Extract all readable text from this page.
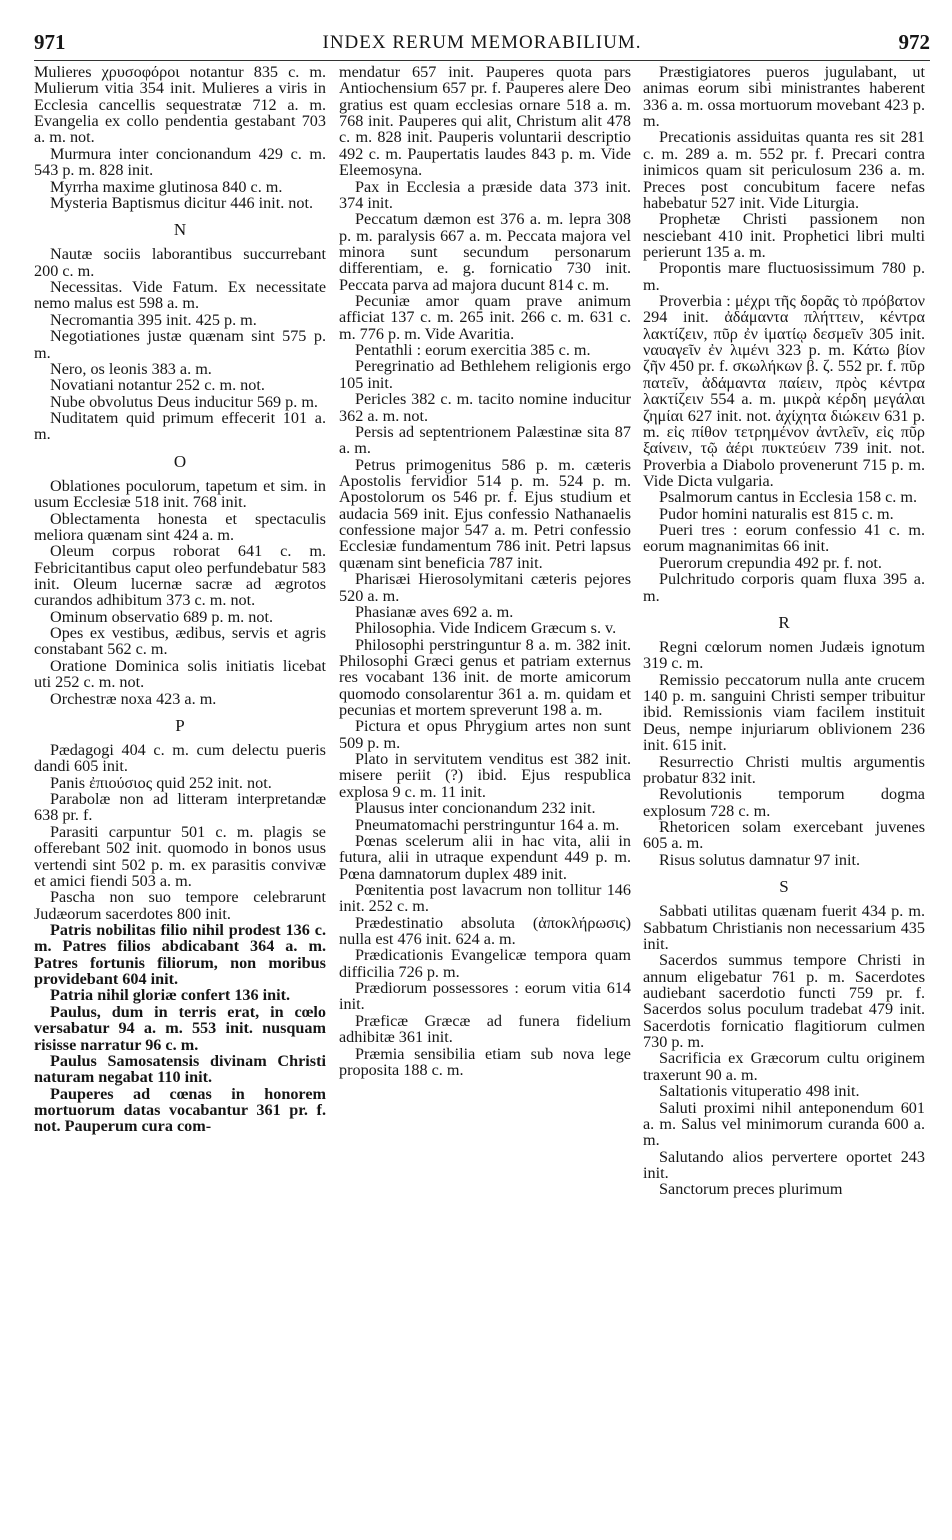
971	INDEX RERUM MEMORABILIUM.	972

Mulieres χρυσοφόροι notantur 835 c. m. Mulierum vitia 354 init. Mulieres a viris in Ecclesia cancellis sequestratæ 712 a. m. Evangelia ex collo pendentia gestabant 703 a. m. not.

Murmura inter concionandum 429 c. m. 543 p. m. 828 init.

Myrrha maxime glutinosa 840 c. m.

Mysteria Baptismus dicitur 446 init. not.

N

Nautæ sociis laborantibus succurrebant 200 c. m.

Necessitas. Vide Fatum. Ex necessitate nemo malus est 598 a. m.

Necromantia 395 init. 425 p. m.

Negotiationes justæ quænam sint 575 p. m.

Nero, os leonis 383 a. m.

Novatiani notantur 252 c. m. not.

Nube obvolutus Deus inducitur 569 p. m.

Nuditatem quid primum effecerit 101 a. m.

O

Oblationes poculorum, tapetum et sim. in usum Ecclesiæ 518 init. 768 init.

Oblectamenta honesta et spectaculis meliora quænam sint 424 a. m.

Oleum corpus roborat 641 c. m. Febricitantibus caput oleo perfundebatur 583 init. Oleum lucernæ sacræ ad ægrotos curandos adhibitum 373 c. m. not.

Ominum observatio 689 p. m. not.

Opes ex vestibus, ædibus, servis et agris constabant 562 c. m.

Oratione Dominica solis initiatis licebat uti 252 c. m. not.

Orchestræ noxa 423 a. m.

P

Pædagogi 404 c. m. cum delectu pueris dandi 605 init.

Panis ἐπιούσιος quid 252 init. not.

Parabolæ non ad litteram interpretandæ 638 pr. f.

Parasiti carpuntur 501 c. m. plagis se offerebant 502 init. quomodo in bonos usus vertendi sint 502 p. m. ex parasitis convivæ et amici fiendi 503 a. m.

Pascha non suo tempore celebrarunt Judæorum sacerdotes 800 init.

Patris nobilitas filio nihil prodest 136 c. m. Patres filios abdicabant 364 a. m. Patres fortunis filiorum, non moribus providebant 604 init.

Patria nihil gloriæ confert 136 init.

Paulus, dum in terris erat, in cœlo versabatur 94 a. m. 553 init. nusquam risisse narratur 96 c. m.

Paulus Samosatensis divinam Christi naturam negabat 110 init.

Pauperes ad cœnas in honorem mortuorum datas vocabantur 361 pr. f. not. Pauperum cura com-

mendatur 657 init. Pauperes quota pars Antiochensium 657 pr. f. Pauperes alere Deo gratius est quam ecclesias ornare 518 a. m. 768 init. Pauperes qui alit, Christum alit 478 c. m. 828 init. Pauperis voluntarii descriptio 492 c. m. Paupertatis laudes 843 p. m. Vide Eleemosyna.

Pax in Ecclesia a præside data 373 init. 374 init.

Peccatum dæmon est 376 a. m. lepra 308 p. m. paralysis 667 a. m. Peccata majora vel minora sunt secundum personarum differentiam, e. g. fornicatio 730 init. Peccata parva ad majora ducunt 814 c. m.

Pecuniæ amor quam prave animum afficiat 137 c. m. 265 init. 266 c. m. 631 c. m. 776 p. m. Vide Avaritia.

Pentathli : eorum exercitia 385 c. m.

Peregrinatio ad Bethlehem religionis ergo 105 init.

Pericles 382 c. m. tacito nomine inducitur 362 a. m. not.

Persis ad septentrionem Palæstinæ sita 87 a. m.

Petrus primogenitus 586 p. m. cæteris Apostolis fervidior 514 p. m. 524 p. m. Apostolorum os 546 pr. f. Ejus studium et audacia 569 init. Ejus confessio Nathanaelis confessione major 547 a. m. Petri confessio Ecclesiæ fundamentum 786 init. Petri lapsus quænam sint beneficia 787 init.

Pharisæi Hierosolymitani cæteris pejores 520 a. m.

Phasianæ aves 692 a. m.

Philosophia. Vide Indicem Græcum s. v.

Philosophi perstringuntur 8 a. m. 382 init. Philosophi Græci genus et patriam externus res vocabant 136 init. de morte amicorum quomodo consolarentur 361 a. m. quidam et pecunias et mortem spreverunt 198 a. m.

Pictura et opus Phrygium artes non sunt 509 p. m.

Plato in servitutem venditus est 382 init. misere periit (?) ibid. Ejus respublica explosa 9 c. m. 11 init.

Plausus inter concionandum 232 init.

Pneumatomachi perstringuntur 164 a. m.

Pœnas scelerum alii in hac vita, alii in futura, alii in utraque expendunt 449 p. m. Pœna damnatorum duplex 489 init.

Pœnitentia post lavacrum non tollitur 146 init. 252 c. m.

Prædestinatio absoluta (ἀποκλήρωσις) nulla est 476 init. 624 a. m.

Prædicationis Evangelicæ tempora quam difficilia 726 p. m.

Prædiorum possessores : eorum vitia 614 init.

Præficæ Græcæ ad funera fidelium adhibitæ 361 init.

Præmia sensibilia etiam sub nova lege proposita 188 c. m.

Præstigiatores pueros jugulabant, ut animas eorum sibi ministrantes haberent 336 a. m. ossa mortuorum movebant 423 p. m.

Precationis assiduitas quanta res sit 281 c. m. 289 a. m. 552 pr. f. Precari contra inimicos quam sit periculosum 236 a. m. Preces post concubitum facere nefas habebatur 527 init. Vide Liturgia.

Prophetæ Christi passionem non nesciebant 410 init. Prophetici libri multi perierunt 135 a. m.

Propontis mare fluctuosissimum 780 p. m.

Proverbia : μέχρι τῆς δορᾶς τὸ πρόβατον 294 init. ἀδάμαντα πλήττειν, κέντρα λακτίζειν, πῦρ ἐν ἱματίῳ δεσμεῖν 305 init. ναυαγεῖν ἐν λιμένι 323 p. m. Κάτω βίον ζῆν 450 pr. f. σκωλήκων β. ζ. 552 pr. f. πῦρ πατεῖν, ἀδάμαντα παίειν, πρὸς κέντρα λακτίζειν 554 a. m. μικρὰ κέρδη μεγάλαι ζημίαι 627 init. not. ἀχίχητα διώκειν 631 p. m. εἰς πίθον τετρημένον ἀντλεῖν, εἰς πῦρ ξαίνειν, τῷ ἀέρι πυκτεύειν 739 init. not. Proverbia a Diabolo provenerunt 715 p. m. Vide Dicta vulgaria.

Psalmorum cantus in Ecclesia 158 c. m.

Pudor homini naturalis est 815 c. m.

Pueri tres : eorum confessio 41 c. m. eorum magnanimitas 66 init.

Puerorum crepundia 492 pr. f. not.

Pulchritudo corporis quam fluxa 395 a. m.

R

Regni cœlorum nomen Judæis ignotum 319 c. m.

Remissio peccatorum nulla ante crucem 140 p. m. sanguini Christi semper tribuitur ibid. Remissionis viam facilem instituit Deus, nempe injuriarum oblivionem 236 init. 615 init.

Resurrectio Christi multis argumentis probatur 832 init.

Revolutionis temporum dogma explosum 728 c. m.

Rhetoricen solam exercebant juvenes 605 a. m.

Risus solutus damnatur 97 init.

S

Sabbati utilitas quænam fuerit 434 p. m. Sabbatum Christianis non necessarium 435 init.

Sacerdos summus tempore Christi in annum eligebatur 761 p. m. Sacerdotes audiebant sacerdotio functi 759 pr. f. Sacerdos solus poculum tradebat 479 init. Sacerdotis fornicatio flagitiorum culmen 730 p. m.

Sacrificia ex Græcorum cultu originem traxerunt 90 a. m.

Saltationis vituperatio 498 init.

Saluti proximi nihil anteponendum 601 a. m. Salus vel minimorum curanda 600 a. m.

Salutando alios pervertere oportet 243 init.

Sanctorum preces plurimum
